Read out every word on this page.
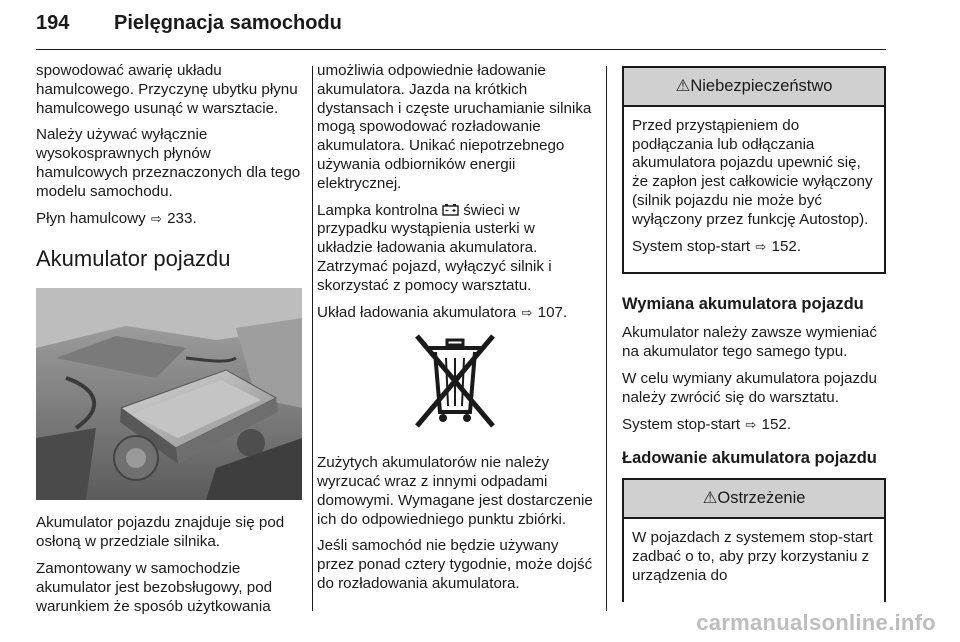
194 Pielęgnacja samochodu

spowodować awarię układu hamulcowego. Przyczynę ubytku płynu hamulcowego usunąć w warsztacie.

Należy używać wyłącznie wysokosprawnych płynów hamulcowych przeznaczonych dla tego modelu samochodu.

Płyn hamulcowy ⇨ 233.

Akumulator pojazdu

Akumulator pojazdu znajduje się pod osłoną w przedziale silnika.

Zamontowany w samochodzie akumulator jest bezobsługowy, pod warunkiem że sposób użytkowania

umożliwia odpowiednie ładowanie akumulatora. Jazda na krótkich dystansach i częste uruchamianie silnika mogą spowodować rozładowanie akumulatora. Unikać niepotrzebnego używania odbiorników energii elektrycznej.

Lampka kontrolna świeci w przypadku wystąpienia usterki w układzie ładowania akumulatora. Zatrzymać pojazd, wyłączyć silnik i skorzystać z pomocy warsztatu.

Układ ładowania akumulatora ⇨ 107.

Zużytych akumulatorów nie należy wyrzucać wraz z innymi odpadami domowymi. Wymagane jest dostarczenie ich do odpowiedniego punktu zbiórki.

Jeśli samochód nie będzie używany przez ponad cztery tygodnie, może dojść do rozładowania akumulatora.

⚠Niebezpieczeństwo

Przed przystąpieniem do podłączania lub odłączania akumulatora pojazdu upewnić się, że zapłon jest całkowicie wyłączony (silnik pojazdu nie może być wyłączony przez funkcję Autostop).

System stop-start ⇨ 152.

Wymiana akumulatora pojazdu

Akumulator należy zawsze wymieniać na akumulator tego samego typu.

W celu wymiany akumulatora pojazdu należy zwrócić się do warsztatu.

System stop-start ⇨ 152.

Ładowanie akumulatora pojazdu
⚠Ostrzeżenie

W pojazdach z systemem stop-start zadbać o to, aby przy korzystaniu z urządzenia do

carmanualsonline.info
